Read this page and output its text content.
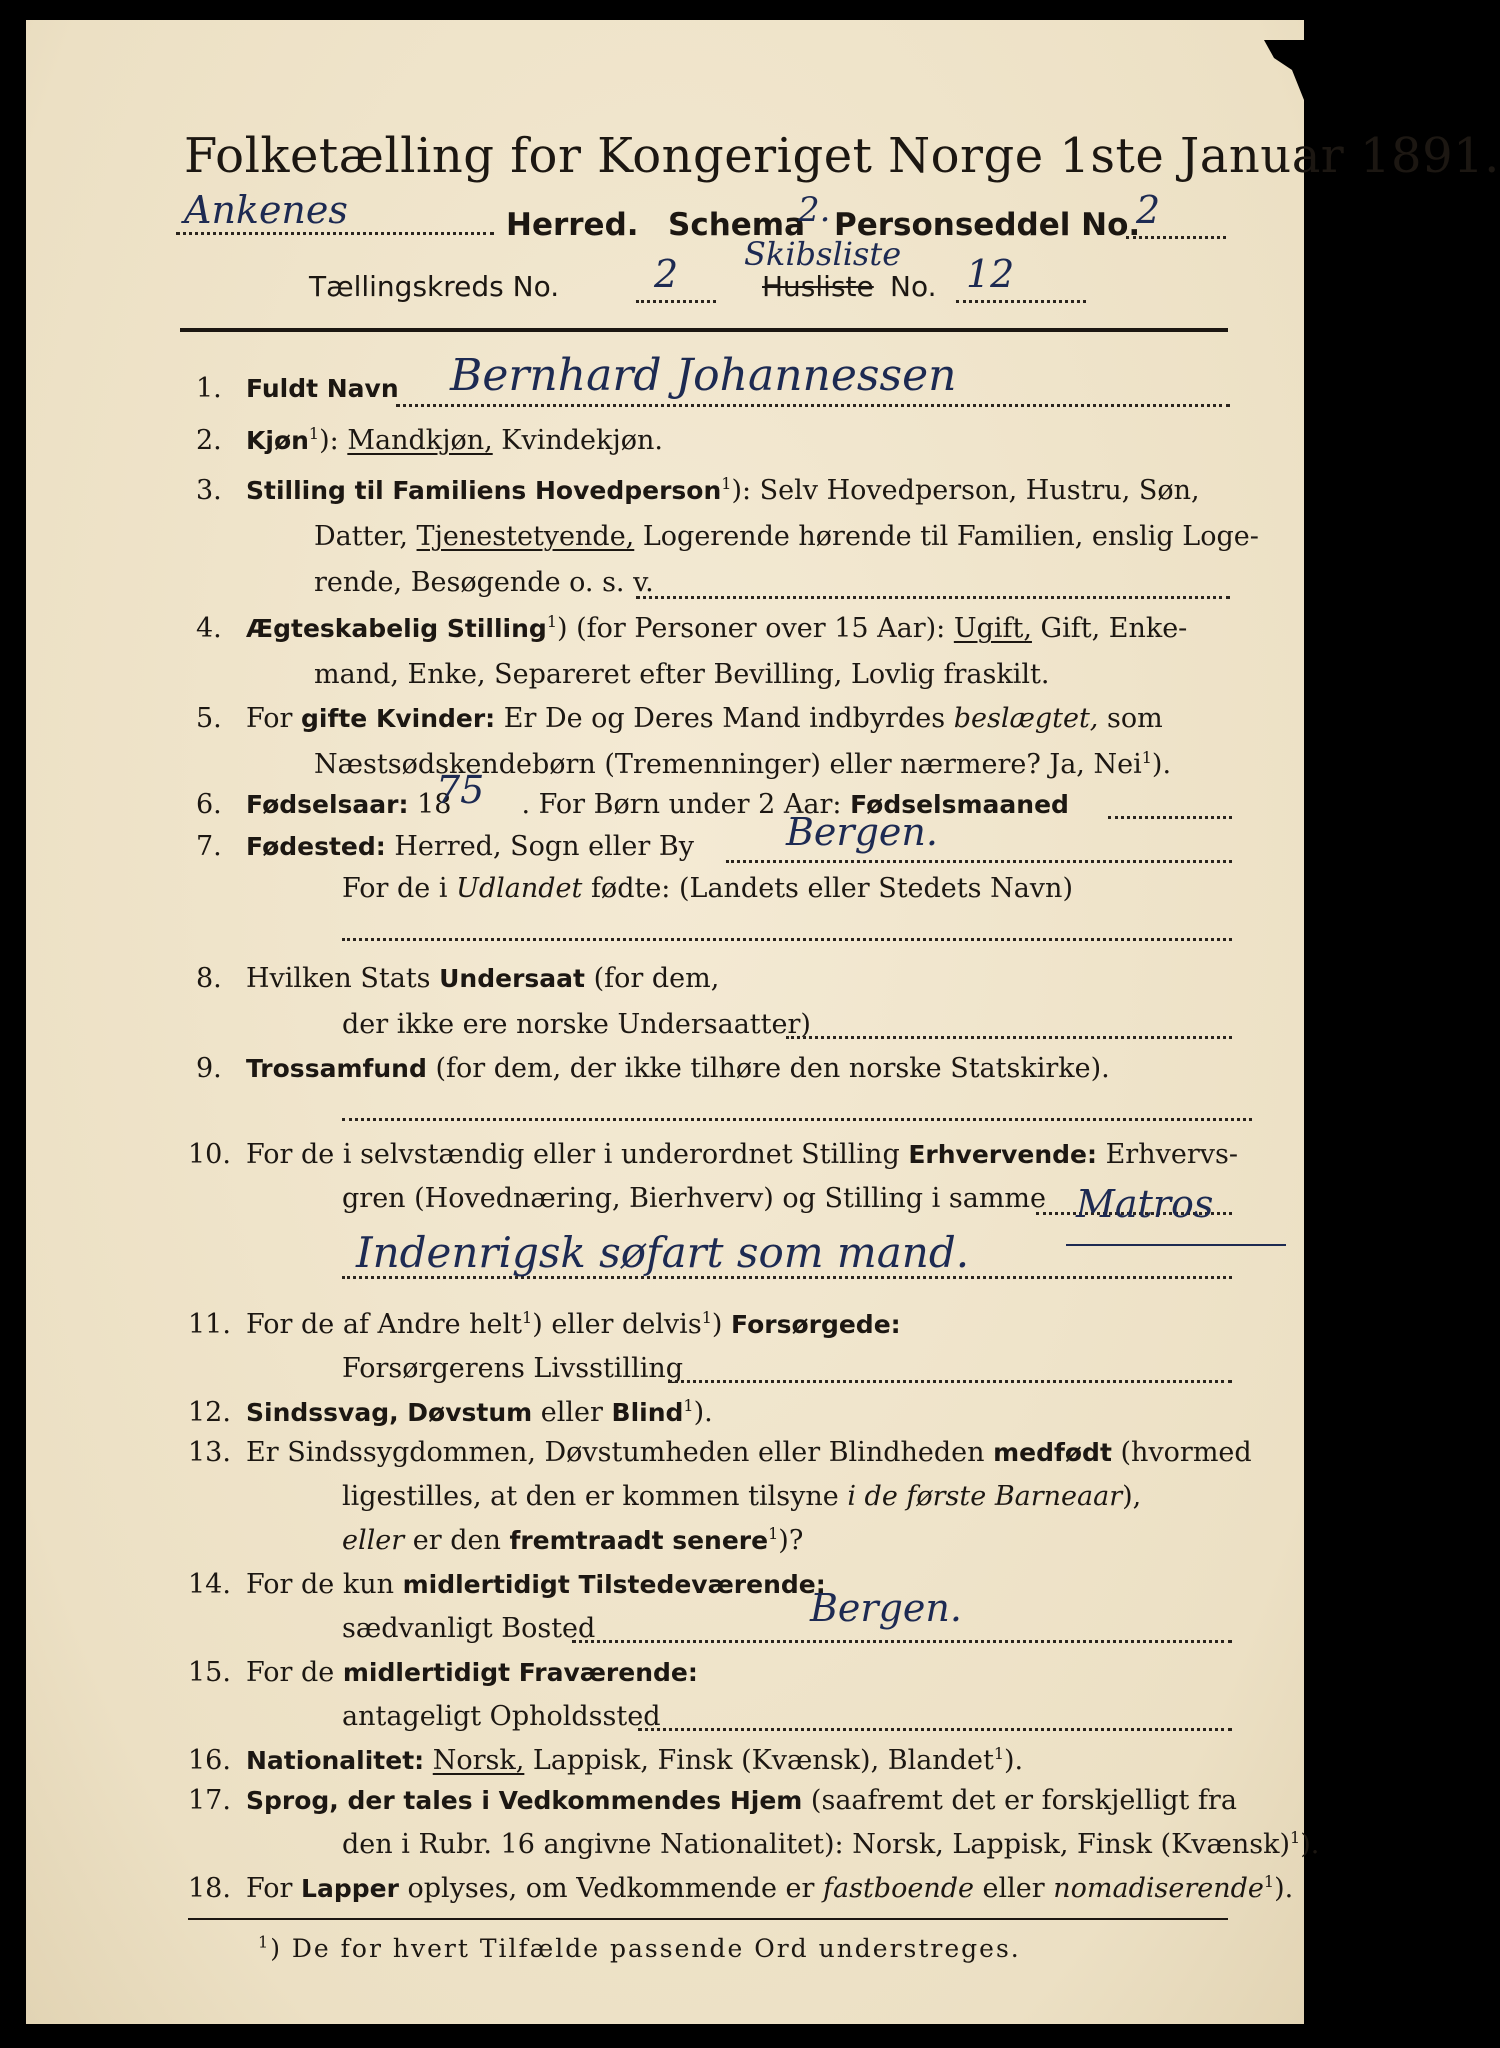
Folketælling for Kongeriget Norge 1ste Januar 1891.
Ankenes	Herred. Schema
2. Personseddel No.
2
Tællingskreds No. 2 Skibsliste
Husliste No. 12
1. Fuldt Navn Bernhard Johannessen
2. Kjøn$^1$): Mandkjøn, Kvindekjøn.
3. Stilling til Familiens Hovedperson$^1$): Selv Hovedperson, Hustru, Søn,
Datter, Tjenestetyende, Logerende hørende til Familien, enslig Loge-
rende, Besøgende o. s. v.
4. Ægteskabelig Stilling$^1$) (for Personer over 15 Aar): Ugift, Gift, Enke-
mand, Enke, Separeret efter Bevilling, Lovlig fraskilt.
5. For gifte Kvinder: Er De og Deres Mand indbyrdes beslægtet, som
Næstsødskendebørn (Tremenninger) eller nærmere? Ja, Nei$^1$).
6. Fødselsaar: 18	. For Børn under 2 Aar: Fødselsmaaned
75
7. Fødested: Herred, Sogn eller By Bergen.
For de i Udlandet fødte: (Landets eller Stedets Navn)
8. Hvilken Stats Undersaat (for dem,
der ikke ere norske Undersaatter)
9. Trossamfund (for dem, der ikke tilhøre den norske Statskirke).
10. For de i selvstændig eller i underordnet Stilling Erhvervende: Erhvervs-
gren (Hovednæring, Bierhverv) og Stilling i samme Matros
Indenrigsk søfart som mand.
11. For de af Andre helt$^1$) eller delvis$^1$) Forsørgede:
Forsørgerens Livsstilling
12. Sindssvag, Døvstum eller Blind$^1$).
13. Er Sindssygdommen, Døvstumheden eller Blindheden medfødt (hvormed
ligestilles, at den er kommen tilsyne i de første Barneaar),
eller er den fremtraadt senere$^1$)?
14. For de kun midlertidigt Tilstedeværende:
sædvanligt Bosted	Bergen.
15. For de midlertidigt Fraværende:
antageligt Opholdssted
16. Nationalitet: Norsk, Lappisk, Finsk (Kvænsk), Blandet$^1$).
17. Sprog, der tales i Vedkommendes Hjem (saafremt det er forskjelligt fra
den i Rubr. 16 angivne Nationalitet): Norsk, Lappisk, Finsk (Kvænsk)$^1$).
18. For Lapper oplyses, om Vedkommende er fastboende eller nomadiserende$^1$).
$^1$) De for hvert Tilfælde passende Ord understreges.
